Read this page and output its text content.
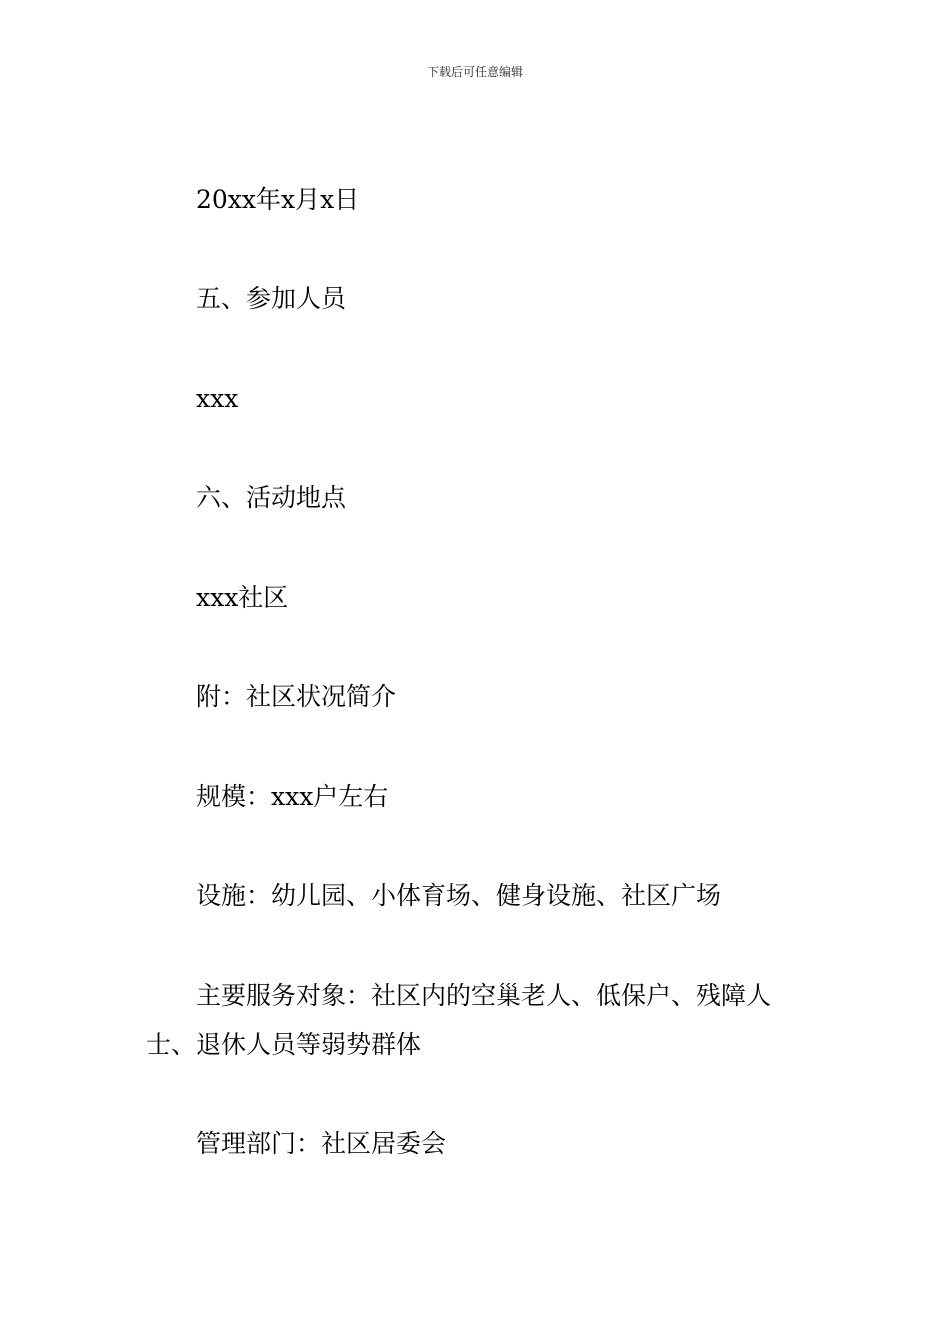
下载后可任意编辑
20xx年x月x日
五、参加人员
xxx
六、活动地点
xxx社区
附：社区状况简介
规模：xxx户左右
设施：幼儿园、小体育场、健身设施、社区广场
主要服务对象：社区内的空巢老人、低保户、残障人士、退休人员等弱势群体
管理部门：社区居委会
